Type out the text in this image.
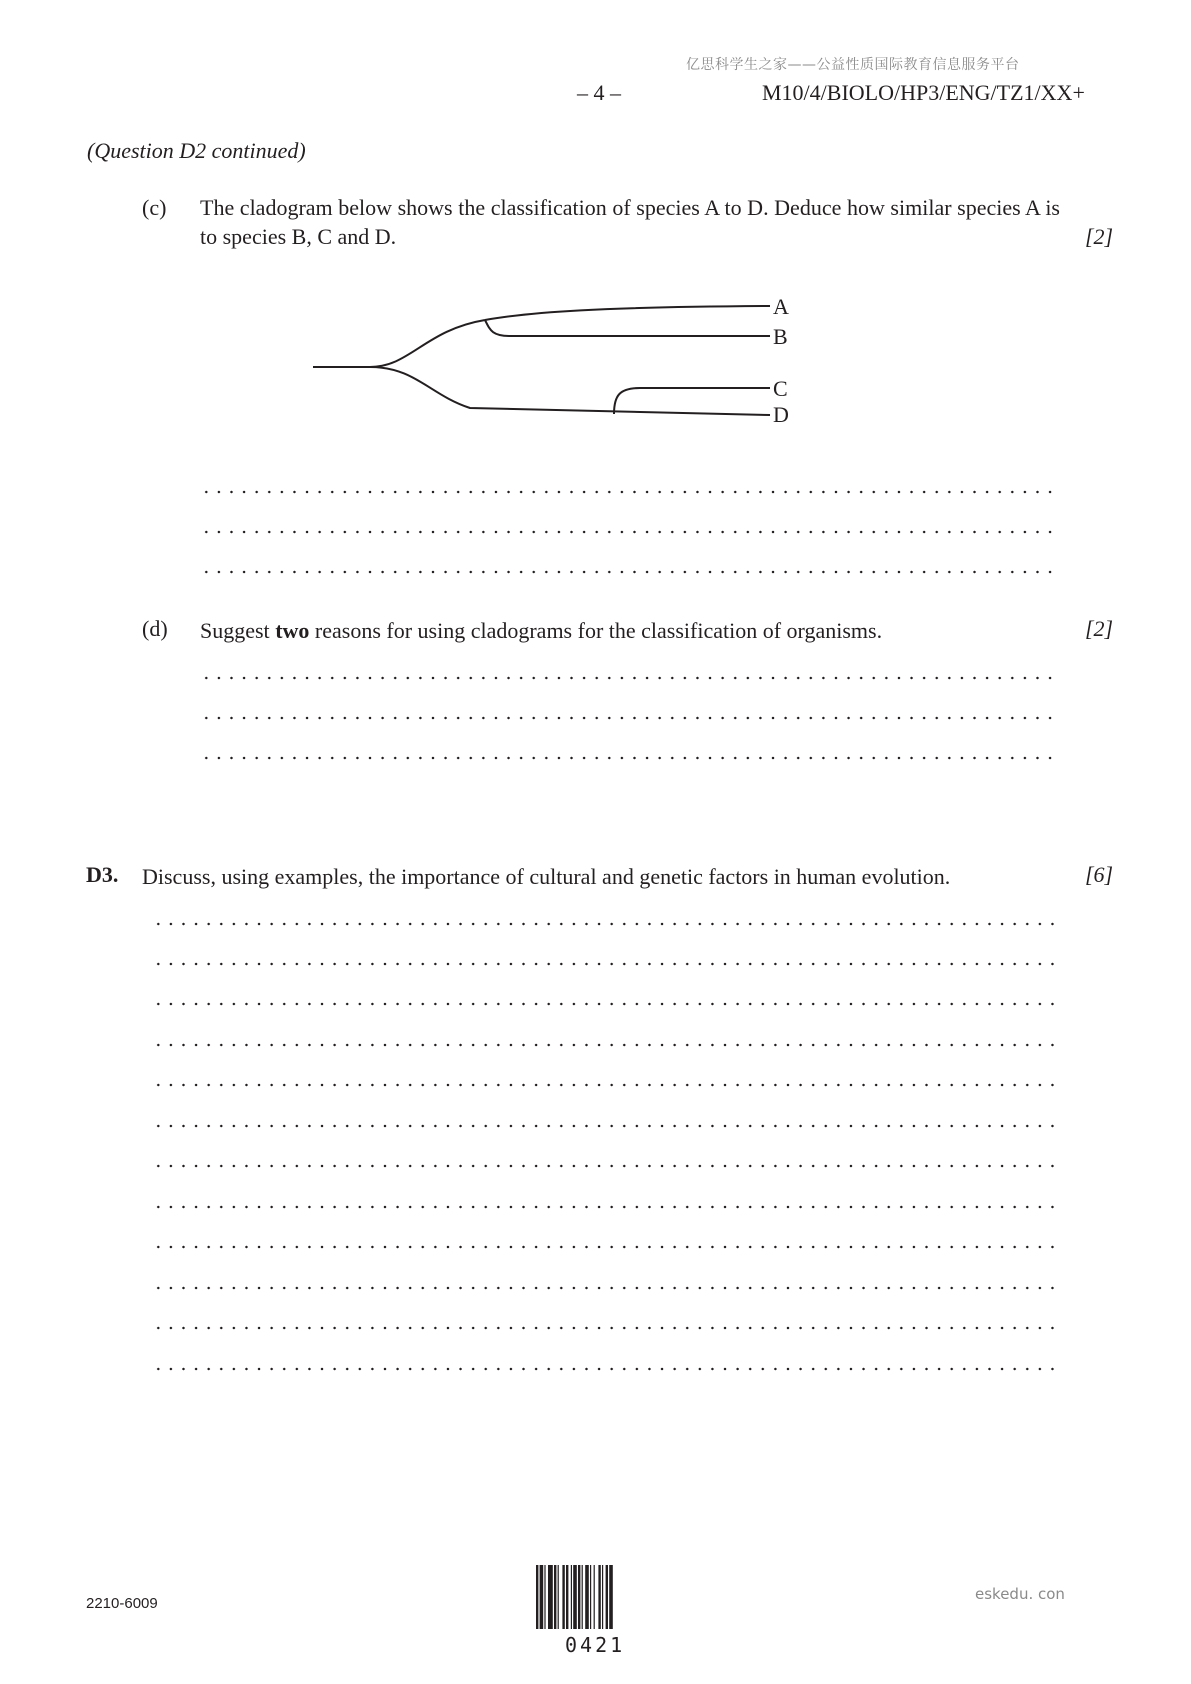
亿思科学生之家——公益性质国际教育信息服务平台
– 4 –	M10/4/BIOLO/HP3/ENG/TZ1/XX+
(Question D2 continued)
(c) The cladogram below shows the classification of species A to D. Deduce how similar species A is to species B, C and D.	[2]
A
B
C
D
(d) Suggest two reasons for using cladograms for the classification of organisms.	[2]
D3. Discuss, using examples, the importance of cultural and genetic factors in human evolution.	[6]
2210-6009
0421
eskedu. con
